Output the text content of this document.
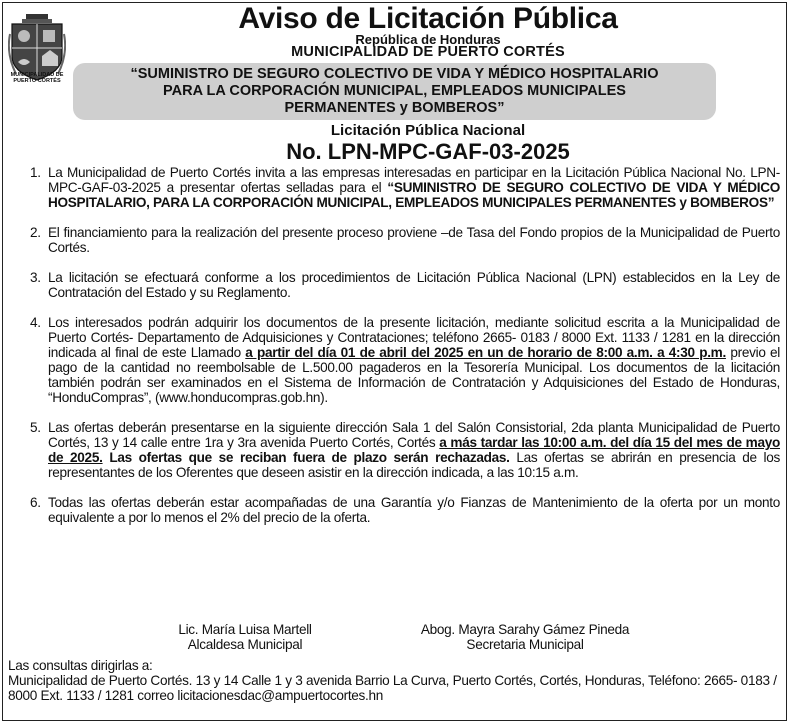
MUNICIPALIDAD DE PUERTO CORTÉS
Aviso de Licitación Pública
República de Honduras
MUNICIPALIDAD DE PUERTO CORTÉS
“SUMINISTRO DE SEGURO COLECTIVO DE VIDA Y MÉDICO HOSPITALARIO
PARA LA CORPORACIÓN MUNICIPAL, EMPLEADOS MUNICIPALES
PERMANENTES y BOMBEROS”
Licitación Pública Nacional
No. LPN-MPC-GAF-03-2025
1. La Municipalidad de Puerto Cortés invita a las empresas interesadas en participar en la Licitación Pública Nacional No. LPN-MPC-GAF-03-2025 a presentar ofertas selladas para el “SUMINISTRO DE SEGURO COLECTIVO DE VIDA Y MÉDICO HOSPITALARIO, PARA LA CORPORACIÓN MUNICIPAL, EMPLEADOS MUNICIPALES PERMANENTES y BOMBEROS”

2. El financiamiento para la realización del presente proceso proviene –de Tasa del Fondo propios de la Municipalidad de Puerto Cortés.

3. La licitación se efectuará conforme a los procedimientos de Licitación Pública Nacional (LPN) establecidos en la Ley de Contratación del Estado y su Reglamento.

4. Los interesados podrán adquirir los documentos de la presente licitación, mediante solicitud escrita a la Municipalidad de Puerto Cortés- Departamento de Adquisiciones y Contrataciones; teléfono 2665- 0183 / 8000 Ext. 1133 / 1281 en la dirección indicada al final de este Llamado a partir del día 01 de abril del 2025 en un de horario de 8:00 a.m. a 4:30 p.m. previo el pago de la cantidad no reembolsable de L.500.00 pagaderos en la Tesorería Municipal. Los documentos de la licitación también podrán ser examinados en el Sistema de Información de Contratación y Adquisiciones del Estado de Honduras, “HonduCompras”, (www.honducompras.gob.hn).

5. Las ofertas deberán presentarse en la siguiente dirección Sala 1 del Salón Consistorial, 2da planta Municipalidad de Puerto Cortés, 13 y 14 calle entre 1ra y 3ra avenida Puerto Cortés, Cortés a más tardar las 10:00 a.m. del día 15 del mes de mayo de 2025. Las ofertas que se reciban fuera de plazo serán rechazadas. Las ofertas se abrirán en presencia de los representantes de los Oferentes que deseen asistir en la dirección indicada, a las 10:15 a.m.

6. Todas las ofertas deberán estar acompañadas de una Garantía y/o Fianzas de Mantenimiento de la oferta por un monto equivalente a por lo menos el 2% del precio de la oferta.

Lic. María Luisa Martell
Alcaldesa Municipal
Abog. Mayra Sarahy Gámez Pineda
Secretaria Municipal

Las consultas dirigirlas a:

Municipalidad de Puerto Cortés. 13 y 14 Calle 1 y 3 avenida Barrio La Curva, Puerto Cortés, Cortés, Honduras, Teléfono: 2665- 0183 / 8000 Ext. 1133 / 1281 correo licitacionesdac@ampuertocortes.hn
